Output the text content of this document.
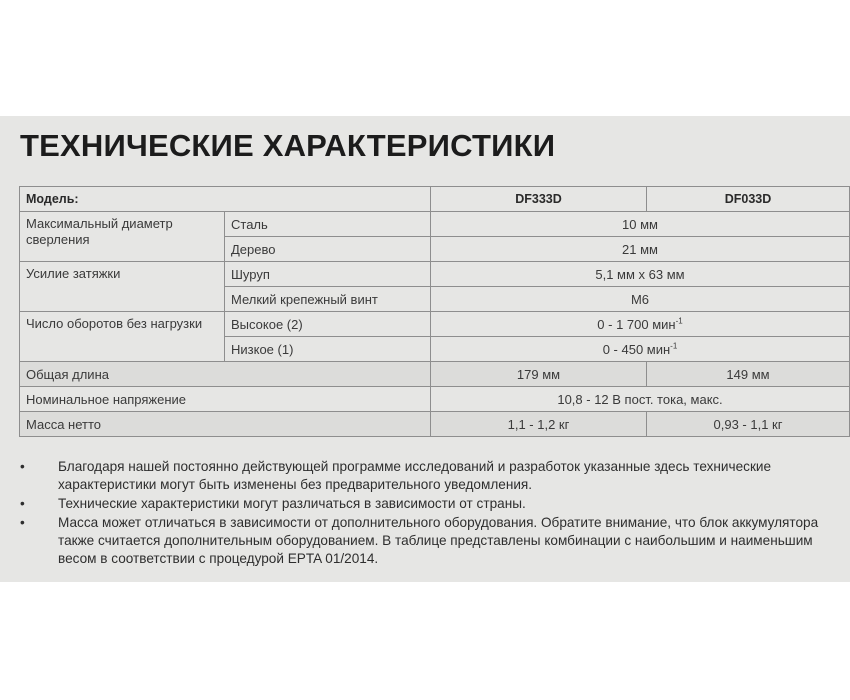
ТЕХНИЧЕСКИЕ ХАРАКТЕРИСТИКИ
Модель:		DF333D	DF033D
Максимальный диаметр сверления	Сталь	10 мм	
	Дерево	21 мм	
Усилие затяжки	Шуруп	5,1 мм x 63 мм	
	Мелкий крепежный винт	M6	
Число оборотов без нагрузки	Высокое (2)	0 - 1 700 мин$^{-1}$
	Низкое (1)	0 - 450 мин$^{-1}$
Общая длина		179 мм	149 мм
Номинальное напряжение		10,8 - 12 В пост. тока, макс.	
Масса нетто		1,1 - 1,2 кг	0,93 - 1,1 кг
• Благодаря нашей постоянно действующей программе исследований и разработок указанные здесь технические характеристики могут быть изменены без предварительного уведомления.
• Технические характеристики могут различаться в зависимости от страны.
• Масса может отличаться в зависимости от дополнительного оборудования. Обратите внимание, что блок аккумулятора также считается дополнительным оборудованием. В таблице представлены комбинации с наибольшим и наименьшим весом в соответствии с процедурой EPTA 01/2014.
